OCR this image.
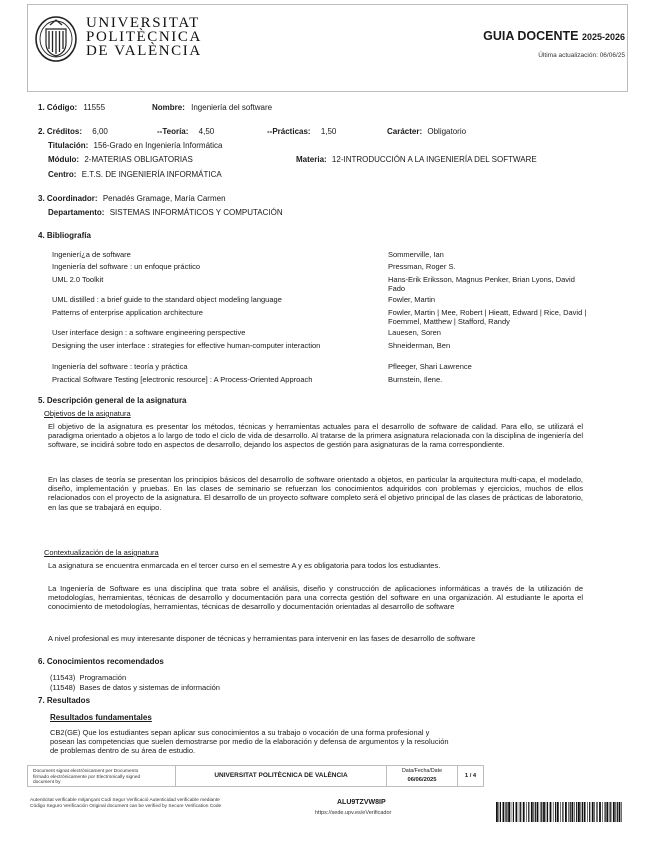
UNIVERSITAT
POLITÈCNICA
DE VALÈNCIA
GUIA DOCENTE 2025-2026
Última actualización: 06/06/25
1. Código: 11555	Nombre: Ingeniería del software
2. Créditos: 6,00	--Teoría: 4,50	--Prácticas: 1,50	Carácter: Obligatorio
Titulación: 156-Grado en Ingeniería Informática
Módulo: 2-MATERIAS OBLIGATORIAS	Materia: 12-INTRODUCCIÓN A LA INGENIERÍA DEL SOFTWARE
Centro: E.T.S. DE INGENIERÍA INFORMÁTICA
3. Coordinador: Penadés Gramage, María Carmen
Departamento: SISTEMAS INFORMÁTICOS Y COMPUTACIÓN
4. Bibliografía
Ingenierí¿a de software	Sommerville, Ian
Ingeniería del software : un enfoque práctico	Pressman, Roger S.
UML 2.0 Toolkit	Hans-Erik Eriksson, Magnus Penker, Brian Lyons, David Fado
UML distilled : a brief guide to the standard object modeling language	Fowler, Martin
Patterns of enterprise application architecture	Fowler, Martin | Mee, Robert | Hieatt, Edward | Rice, David | Foemmel, Matthew | Stafford, Randy
User interface design : a software engineering perspective	Lauesen, Soren
Designing the user interface : strategies for effective human-computer interaction	Shneiderman, Ben
Ingeniería del software : teoría y práctica	Pfleeger, Shari Lawrence
Practical Software Testing [electronic resource] : A Process-Oriented Approach	Burnstein, Ilene.
5. Descripción general de la asignatura
Objetivos de la asignatura
El objetivo de la asignatura es presentar los métodos, técnicas y herramientas actuales para el desarrollo de software de calidad. Para ello, se utilizará el paradigma orientado a objetos a lo largo de todo el ciclo de vida de desarrollo. Al tratarse de la primera asignatura relacionada con la disciplina de ingeniería del software, se incidirá sobre todo en aspectos de desarrollo, dejando los aspectos de gestión para asignaturas de la rama correspondiente.
En las clases de teoría se presentan los principios básicos del desarrollo de software orientado a objetos, en particular la arquitectura multi-capa, el modelado, diseño, implementación y pruebas. En las clases de seminario se refuerzan los conocimientos adquiridos con problemas y ejercicios, muchos de ellos relacionados con el proyecto de la asignatura. El desarrollo de un proyecto software completo será el objetivo principal de las clases de prácticas de laboratorio, en las que se trabajará en equipo.
Contextualización de la asignatura
La asignatura se encuentra enmarcada en el tercer curso en el semestre A y es obligatoria para todos los estudiantes.
La Ingeniería de Software es una disciplina que trata sobre el análisis, diseño y construcción de aplicaciones informáticas a través de la utilización de metodologías, herramientas, técnicas de desarrollo y documentación para una correcta gestión del software en una organización. Al estudiante le aporta el conocimiento de metodologías, herramientas, técnicas de desarrollo y documentación orientadas al desarrollo de software
A nivel profesional es muy interesante disponer de técnicas y herramientas para intervenir en las fases de desarrollo de software
6. Conocimientos recomendados
(11543)  Programación
(11548)  Bases de datos y sistemas de información
7. Resultados
Resultados fundamentales
CB2(GE) Que los estudiantes sepan aplicar sus conocimientos a su trabajo o vocación de una forma profesional y posean las competencias que suelen demostrarse por medio de la elaboración y defensa de argumentos y la resolución de problemas dentro de su área de estudio.
Document signat electrònicament per Documento firmado electrónicamente por Electronically signed document by
UNIVERSITAT POLITÈCNICA DE VALÈNCIA
Data/Fecha/Date
06/06/2025
1 / 4
Autenticitat verificable mitjançant Codi Segur Verificació Autenticidad verificable mediante Código Seguro Verificación Original document can be verified by Secure Verification Code
ALU9TZVW8IP
https://sede.upv.es/eVerificador
